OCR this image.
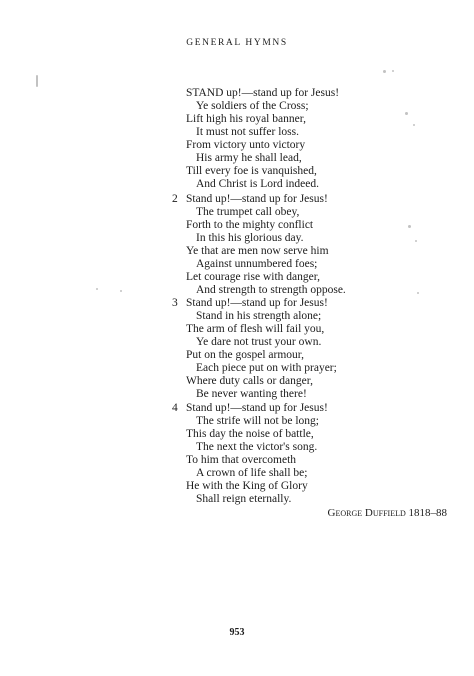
GENERAL HYMNS
STAND up!—stand up for Jesus!
Ye soldiers of the Cross;
Lift high his royal banner,
It must not suffer loss.
From victory unto victory
His army he shall lead,
Till every foe is vanquished,
And Christ is Lord indeed.
2 Stand up!—stand up for Jesus!
The trumpet call obey,
Forth to the mighty conflict
In this his glorious day.
Ye that are men now serve him
Against unnumbered foes;
Let courage rise with danger,
And strength to strength oppose.
3 Stand up!—stand up for Jesus!
Stand in his strength alone;
The arm of flesh will fail you,
Ye dare not trust your own.
Put on the gospel armour,
Each piece put on with prayer;
Where duty calls or danger,
Be never wanting there!
4 Stand up!—stand up for Jesus!
The strife will not be long;
This day the noise of battle,
The next the victor's song.
To him that overcometh
A crown of life shall be;
He with the King of Glory
Shall reign eternally.
George Duffield 1818–88
953
